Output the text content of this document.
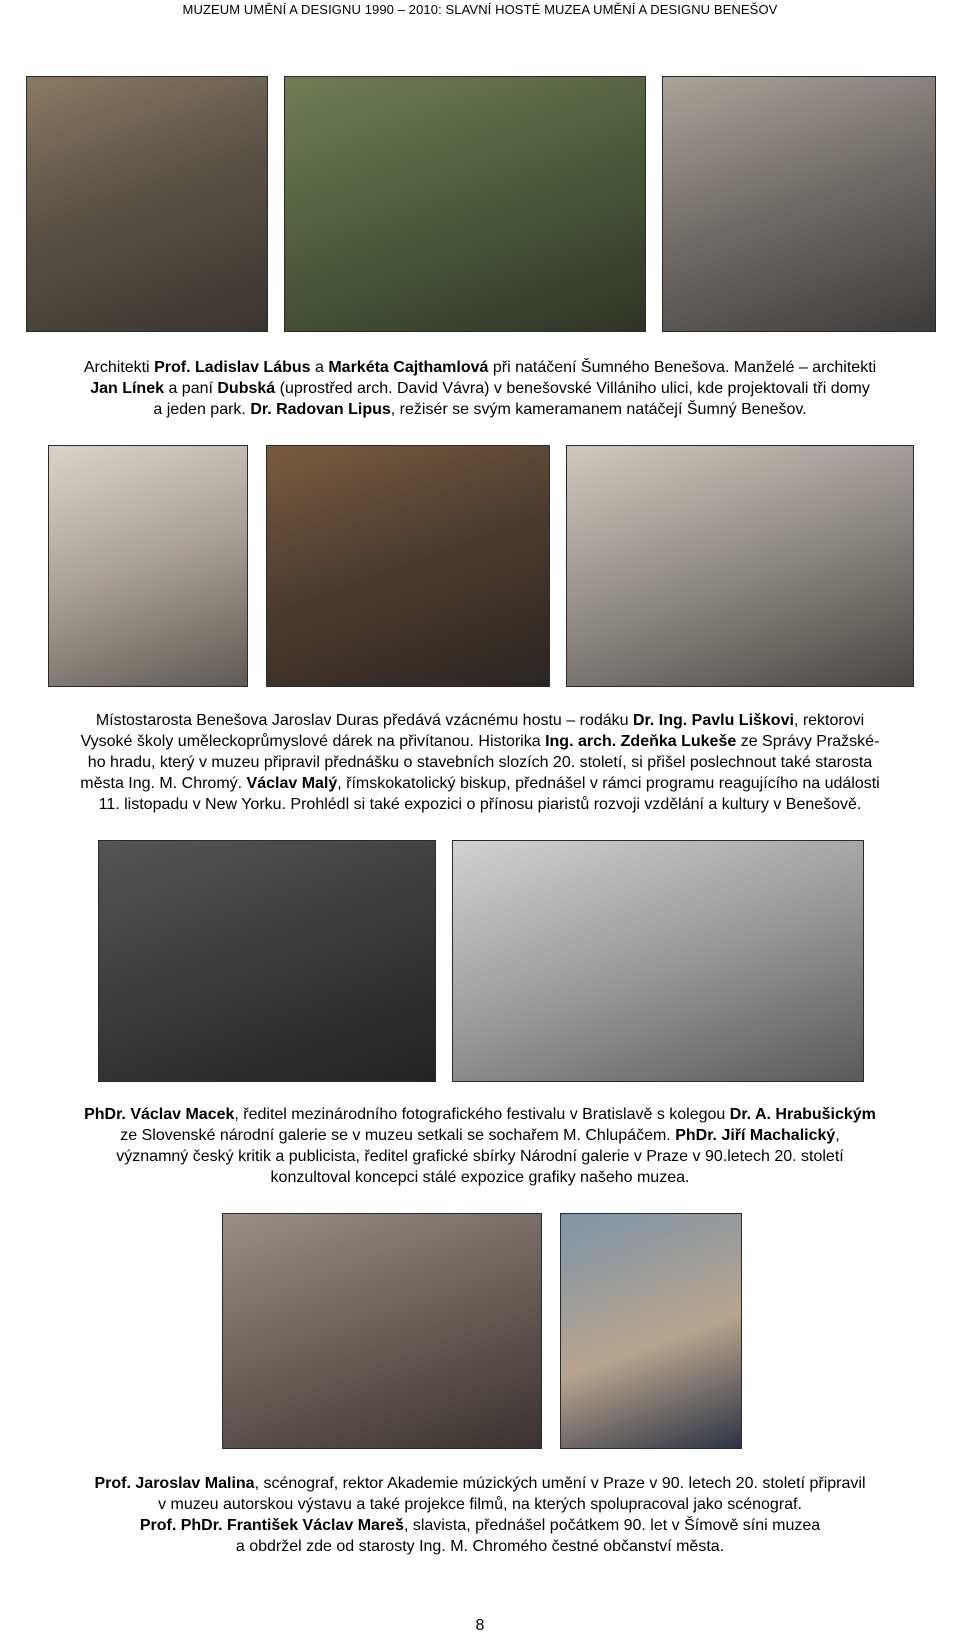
MUZEUM UMĚNÍ A DESIGNU 1990 – 2010: SLAVNÍ HOSTÉ MUZEA UMĚNÍ A DESIGNU BENEŠOV

Architekti Prof. Ladislav Lábus a Markéta Cajthamlová při natáčení Šumného Benešova. Manželé – architekti

Jan Línek a paní Dubská (uprostřed arch. David Vávra) v benešovské Villániho ulici, kde projektovali tři domy

a jeden park. Dr. Radovan Lipus, režisér se svým kameramanem natáčejí Šumný Benešov.

Místostarosta Benešova Jaroslav Duras předává vzácnému hostu – rodáku Dr. Ing. Pavlu Liškovi, rektorovi

Vysoké školy uměleckoprůmyslové dárek na přivítanou. Historika Ing. arch. Zdeňka Lukeše ze Správy Pražské-

ho hradu, který v muzeu připravil přednášku o stavebních slozích 20. století, si přišel poslechnout také starosta

města Ing. M. Chromý. Václav Malý, římskokatolický biskup, přednášel v rámci programu reagujícího na události

11. listopadu v New Yorku. Prohlédl si také expozici o přínosu piaristů rozvoji vzdělání a kultury v Benešově.

PhDr. Václav Macek, ředitel mezinárodního fotografického festivalu v Bratislavě s kolegou Dr. A. Hrabušickým

ze Slovenské národní galerie se v muzeu setkali se sochařem M. Chlupáčem. PhDr. Jiří Machalický,

významný český kritik a publicista, ředitel grafické sbírky Národní galerie v Praze v 90.letech 20. století

konzultoval koncepci stálé expozice grafiky našeho muzea.

Prof. Jaroslav Malina, scénograf, rektor Akademie múzických umění v Praze v 90. letech 20. století připravil

v muzeu autorskou výstavu a také projekce filmů, na kterých spolupracoval jako scénograf.

Prof. PhDr. František Václav Mareš, slavista, přednášel počátkem 90. let v Šímově síni muzea

a obdržel zde od starosty Ing. M. Chromého čestné občanství města.

8
